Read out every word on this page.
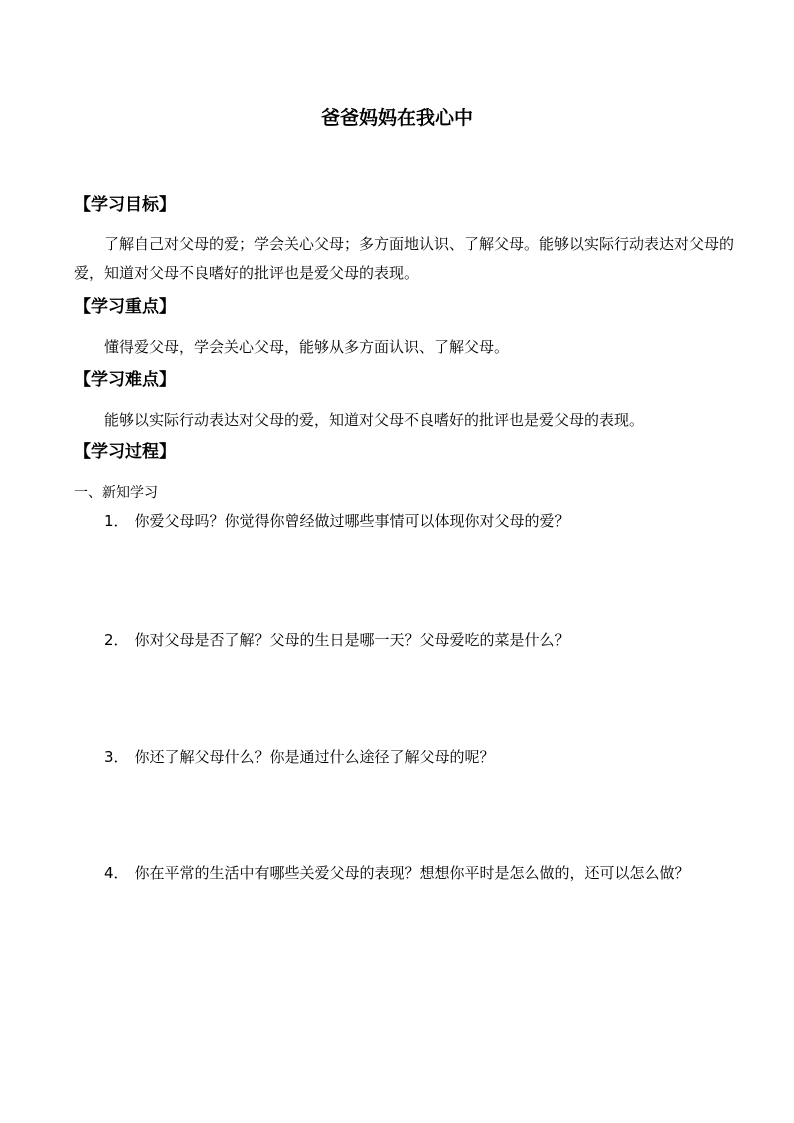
爸爸妈妈在我心中
【学习目标】
了解自己对父母的爱；学会关心父母；多方面地认识、了解父母。能够以实际行动表达对父母的爱，知道对父母不良嗜好的批评也是爱父母的表现。
【学习重点】
懂得爱父母，学会关心父母，能够从多方面认识、了解父母。
【学习难点】
能够以实际行动表达对父母的爱，知道对父母不良嗜好的批评也是爱父母的表现。
【学习过程】
一、新知学习
1． 你爱父母吗？你觉得你曾经做过哪些事情可以体现你对父母的爱？
2． 你对父母是否了解？父母的生日是哪一天？父母爱吃的菜是什么？
3． 你还了解父母什么？你是通过什么途径了解父母的呢？
4． 你在平常的生活中有哪些关爱父母的表现？想想你平时是怎么做的，还可以怎么做？
